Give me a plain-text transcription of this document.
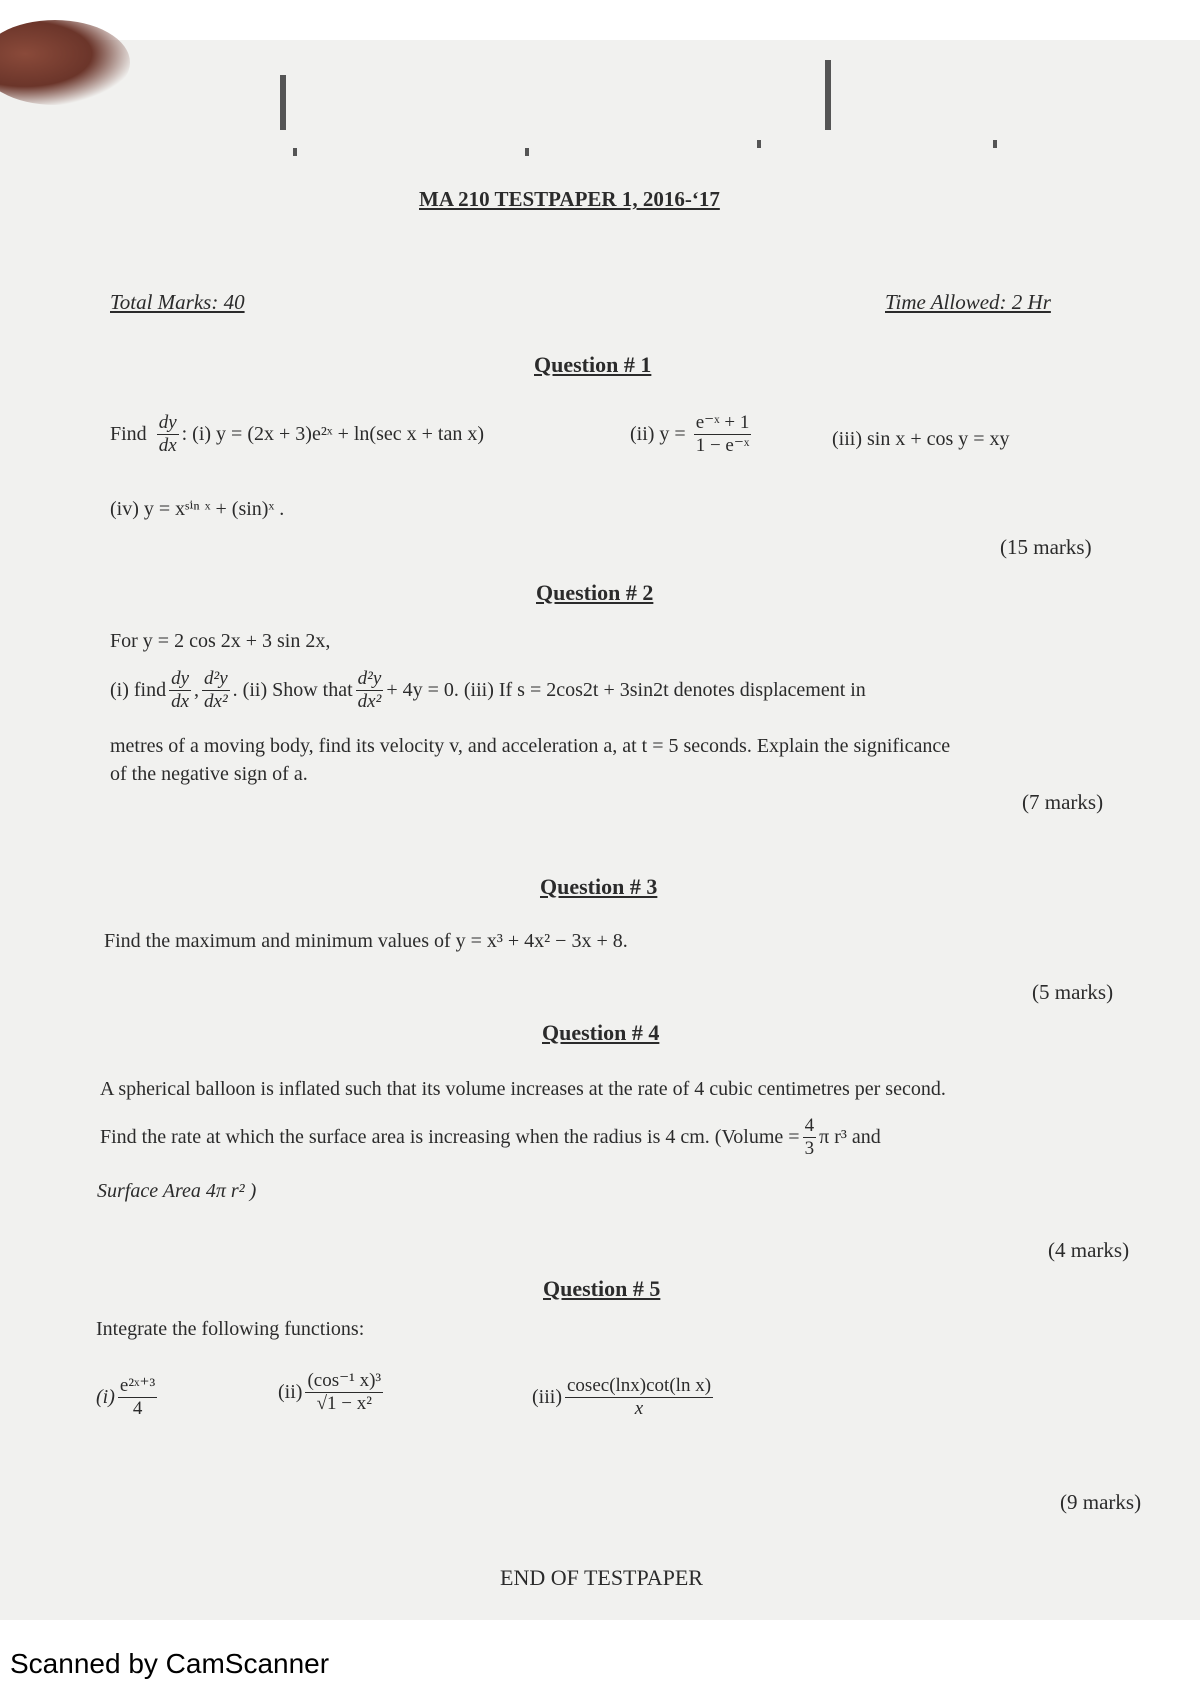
MA 210 TESTPAPER 1, 2016-‘17
Total Marks: 40	Time Allowed: 2 Hr
Question # 1
Find $\frac{dy}{dx}$ : (i) y = (2x + 3)e²ˣ + ln(sec x + tan x)	(ii) $y = \frac{\text{e⁻ˣ + 1}}{\text{1 − e⁻ˣ}}$	(iii) sin x + cos y = xy
(iv) y = xˢⁱⁿ ˣ + (sin)ˣ .
(15 marks)
Question # 2
For y = 2 cos 2x + 3 sin 2x,
(i) find $\frac{dy}{dx}$ , $\frac{\text{d²y}}{\text{dx²}}$ . (ii) Show that $\frac{\text{d²y}}{\text{dx²}} + 4y = 0$. (iii) If s = 2cos2t + 3sin2t denotes displacement in
metres of a moving body, find its velocity v, and acceleration a, at t = 5 seconds. Explain the significance
of the negative sign of a.
(7 marks)
Question # 3
Find the maximum and minimum values of y = x³ + 4x² − 3x + 8.
(5 marks)
Question # 4
A spherical balloon is inflated such that its volume increases at the rate of 4 cubic centimetres per second.
Find the rate at which the surface area is increasing when the radius is 4 cm. (Volume = $\frac{4}{3}$ π r³ and
Surface Area 4π r² )
(4 marks)
Question # 5
Integrate the following functions:
$(i) \frac{\text{e²ˣ⁺³}}{4}$	$(ii) \frac{\text{(cos⁻¹ x)³}}{\text{√1 − x²}}$	$(iii) \frac{\text{cosec(lnx)cot(ln x)}}{x}$
(9 marks)
END OF TESTPAPER
Scanned by CamScanner
